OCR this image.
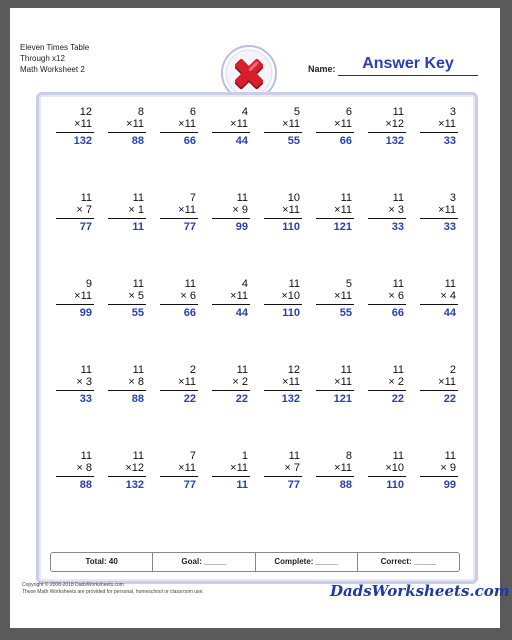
Eleven Times Table
Through x12
Math Worksheet 2	Name:	Answer Key
12
×11
132
8
×11
88
6
×11
66
4
×11
44
5
×11
55
6
×11
66
11
×12
132
3
×11
33
11
× 7
77
11
× 1
11
7
×11
77
11
× 9
99
10
×11
110
11
×11
121
11
× 3
33
3
×11
33
9
×11
99
11
× 5
55
11
× 6
66
4
×11
44
11
×10
110
5
×11
55
11
× 6
66
11
× 4
44
11
× 3
33
11
× 8
88
2
×11
22
11
× 2
22
12
×11
132
11
×11
121
11
× 2
22
2
×11
22
11
× 8
88
11
×12
132
7
×11
77
1
×11
11
11
× 7
77
8
×11
88
11
×10
110
11
× 9
99
Total: 40	Goal: _____	Complete: _____	Correct: _____
Copyright © 2008-2018 DadsWorksheets.com
These Math Worksheets are provided for personal, homeschool or classroom use.	DadsWorksheets.com
